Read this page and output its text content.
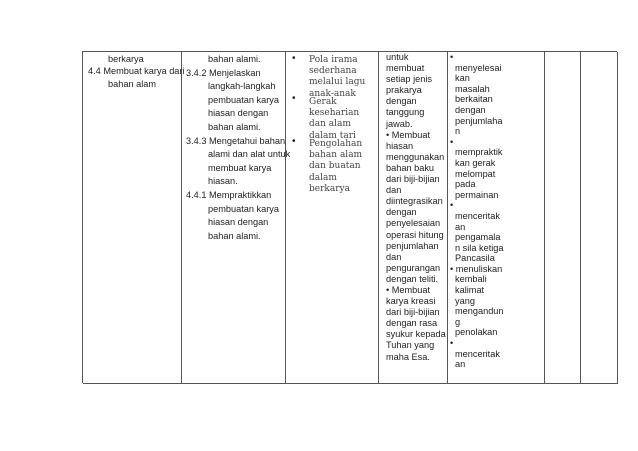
berkarya
4.4 Membuat karya dari
bahan alam
bahan alami.
3.4.2 Menjelaskan
langkah-langkah
pembuatan karya
hiasan dengan
bahan alami.
3.4.3 Mengetahui bahan
alami dan alat untuk
membuat karya
hiasan.
4.4.1 Mempraktikkan
pembuatan karya
hiasan dengan
bahan alami.
• Pola irama
sederhana
melalui lagu
anak-anak
• Gerak
keseharian
dan alam
dalam tari
• Pengolahan
bahan alam
dan buatan
dalam
berkarya
untuk
membuat
setiap jenis
prakarya
dengan
tanggung
jawab.
• Membuat
hiasan
menggunakan
bahan baku
dari biji-bijian
dan
diintegrasikan
dengan
penyelesaian
operasi hitung
penjumlahan
dan
pengurangan
dengan teliti.
• Membuat
karya kreasi
dari biji-bijian
dengan rasa
syukur kepada
Tuhan yang
maha Esa.
•
menyelesai
kan
masalah
berkaitan
dengan
penjumlaha
n
•
mempraktik
kan gerak
melompat
pada
permainan
•
menceritak
an
pengamala
n sila ketiga
Pancasila
• menuliskan
kembali
kalimat
yang
mengandun
g
penolakan
•
menceritak
an
